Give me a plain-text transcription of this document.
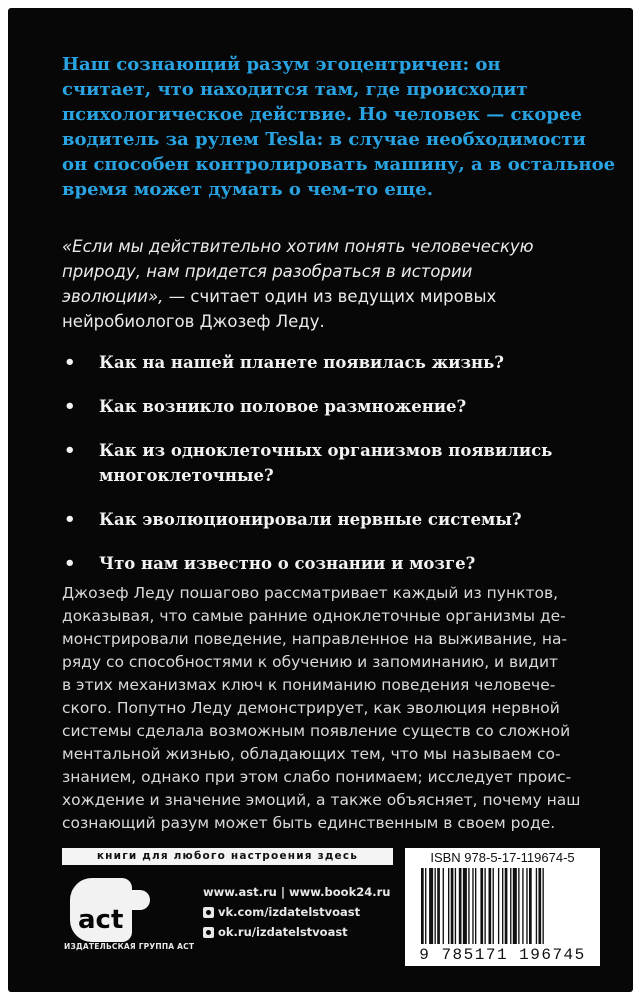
Наш сознающий разум эгоцентричен: он
считает, что находится там, где происходит
психологическое действие. Но человек — скорее
водитель за рулем Tesla: в случае необходимости
он способен контролировать машину, а в остальное
время может думать о чем-то еще.

«Если мы действительно хотим понять человеческую
природу, нам придется разобраться в истории
эволюции», — считает один из ведущих мировых
нейробиологов Джозеф Леду.

• Как на нашей планете появилась жизнь?
• Как возникло половое размножение?
• Как из одноклеточных организмов появились
многоклеточные?
• Как эволюционировали нервные системы?
• Что нам известно о сознании и мозге?

Джозеф Леду пошагово рассматривает каждый из пунктов,
доказывая, что самые ранние одноклеточные организмы де-
монстрировали поведение, направленное на выживание, на-
ряду со способностями к обучению и запоминанию, и видит
в этих механизмах ключ к пониманию поведения человече-
ского. Попутно Леду демонстрирует, как эволюция нервной
системы сделала возможным появление существ со сложной
ментальной жизнью, обладающих тем, что мы называем со-
знанием, однако при этом слабо понимаем; исследует проис-
хождение и значение эмоций, а также объясняет, почему наш
сознающий разум может быть единственным в своем роде.

книги для любого настроения здесь
act
ИЗДАТЕЛЬСКАЯ ГРУППА АСТ
www.ast.ru | www.book24.ru
vk.com/izdatelstvoast
ok.ru/izdatelstvoast
ISBN 978-5-17-119674-5
9 785171 196745
